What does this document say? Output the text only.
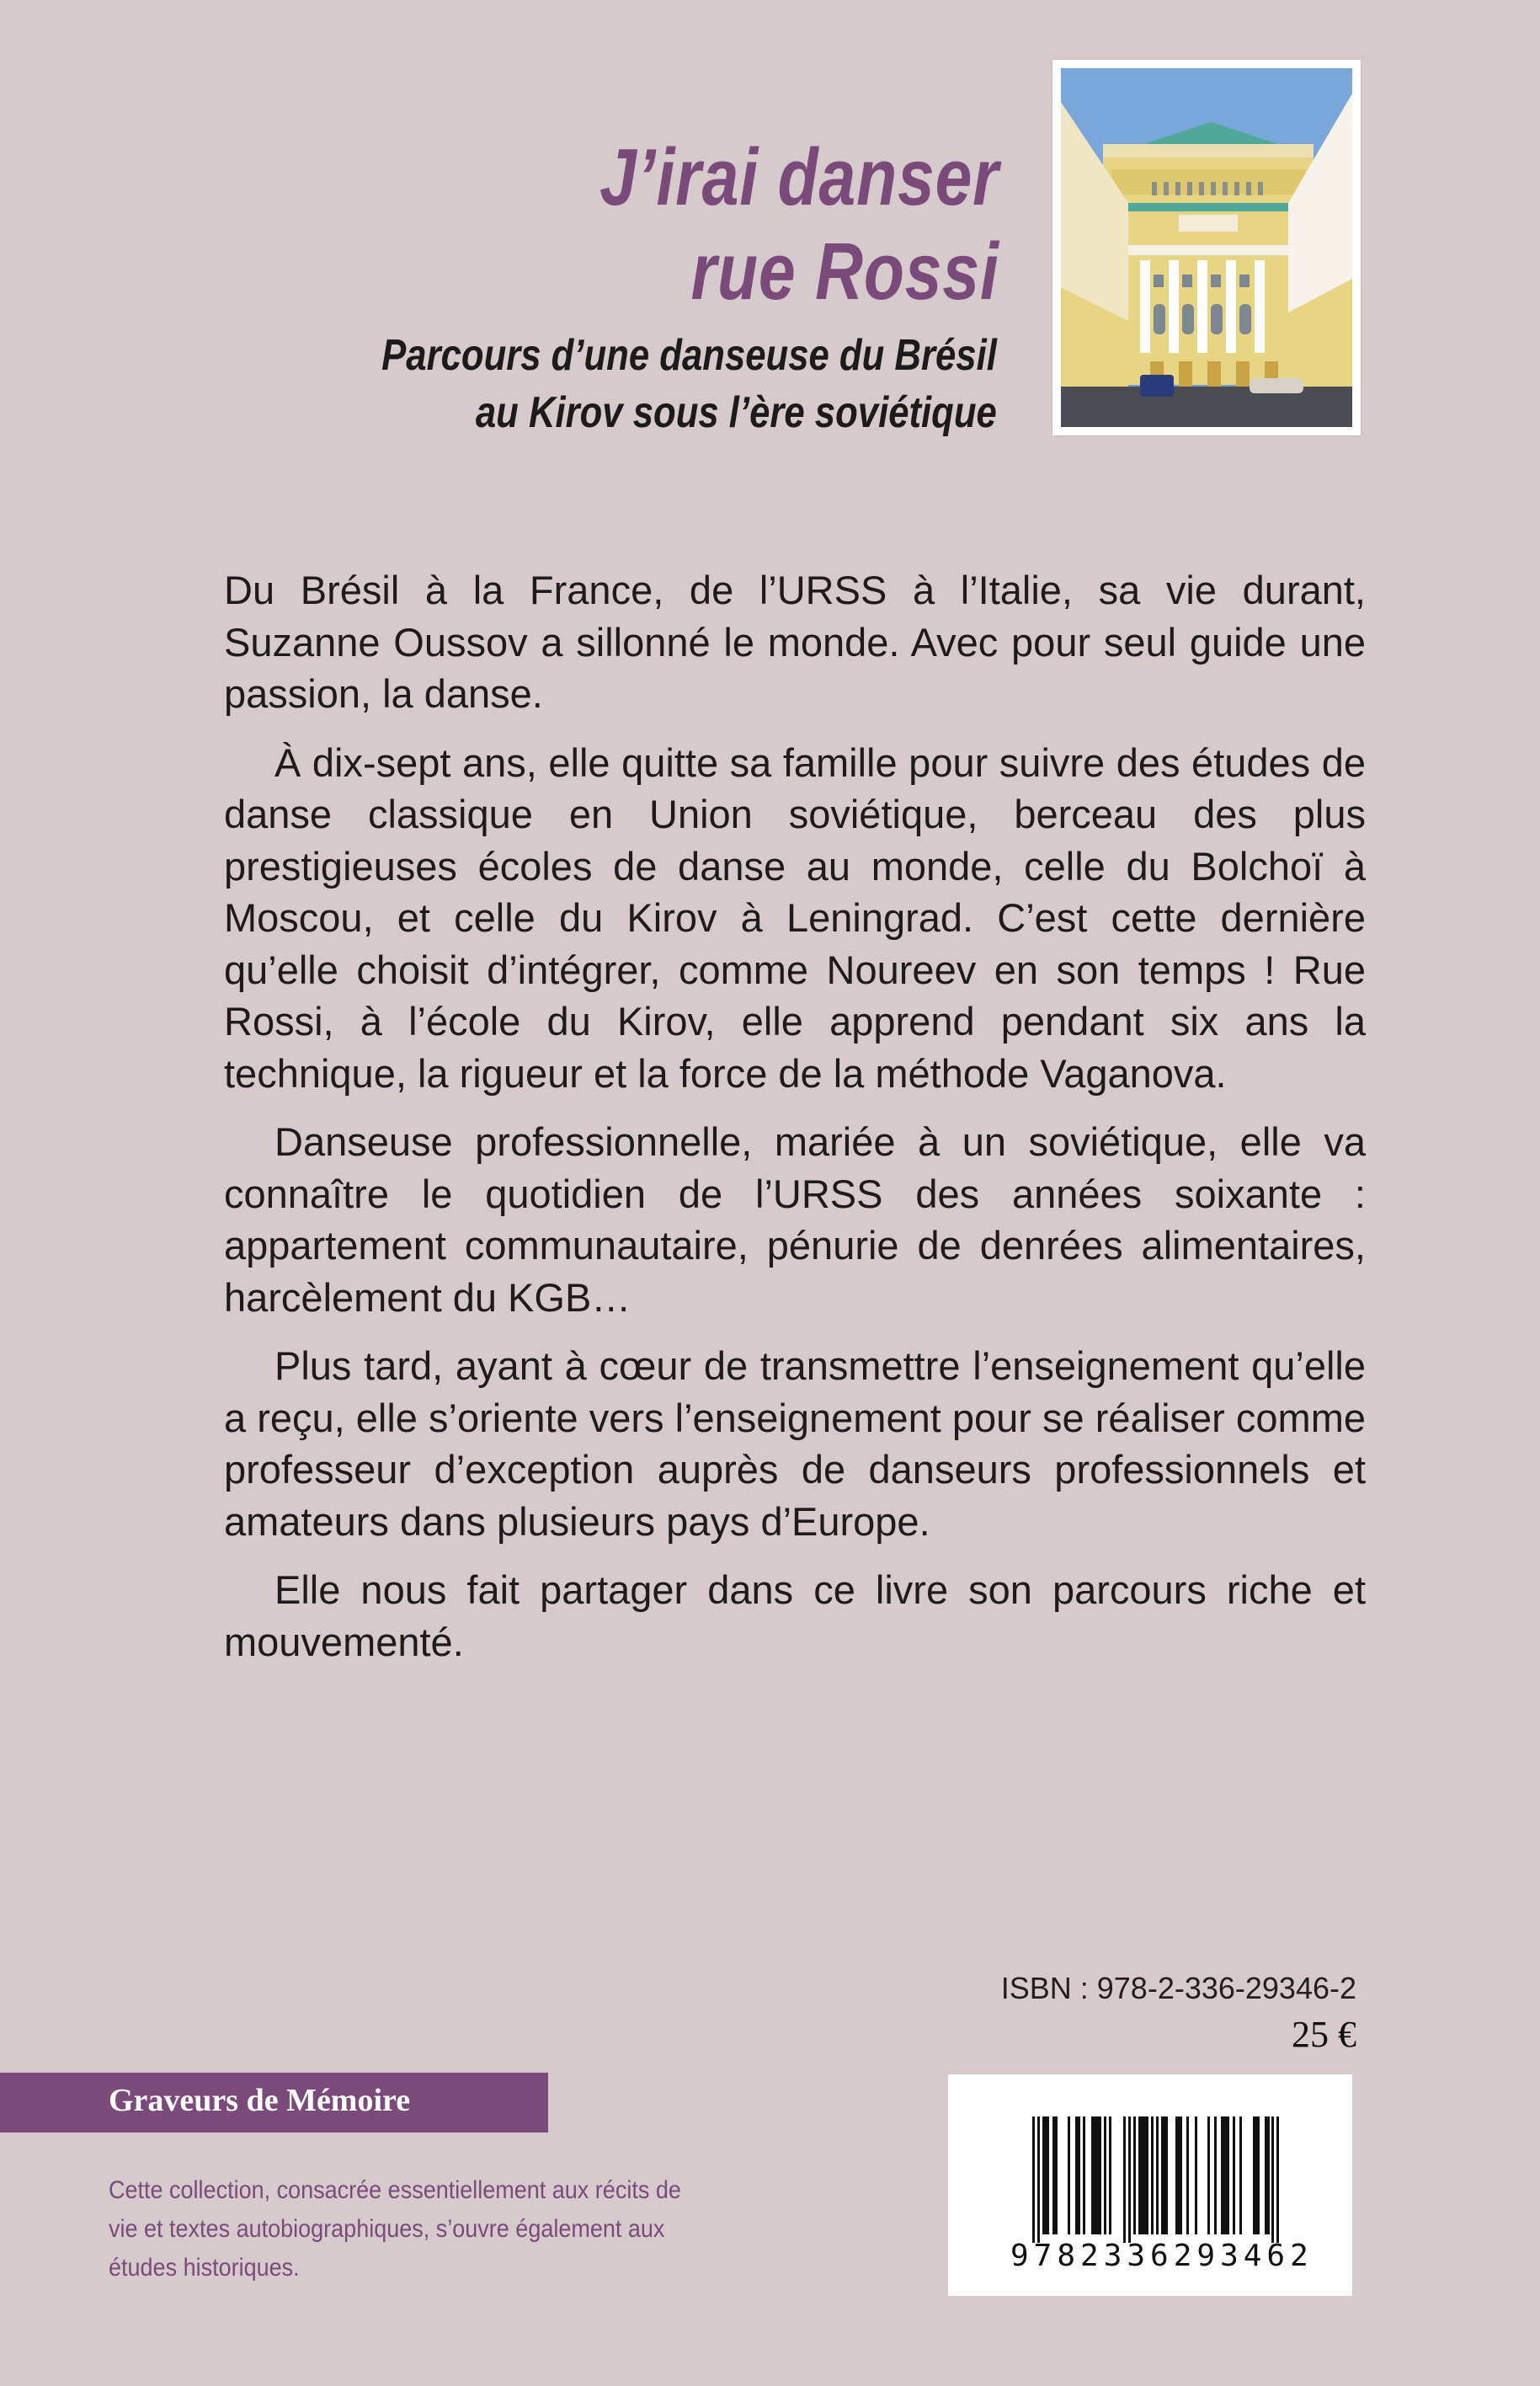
J’irai danser
rue Rossi
Parcours d’une danseuse du Brésil
au Kirov sous l’ère soviétique

Du Brésil à la France, de l’URSS à l’Italie, sa vie durant, Suzanne Oussov a sillonné le monde. Avec pour seul guide une passion, la danse.

À dix-sept ans, elle quitte sa famille pour suivre des études de danse classique en Union soviétique, berceau des plus prestigieuses écoles de danse au monde, celle du Bolchoï à Moscou, et celle du Kirov à Leningrad. C’est cette dernière qu’elle choisit d’intégrer, comme Noureev en son temps ! Rue Rossi, à l’école du Kirov, elle apprend pendant six ans la technique, la rigueur et la force de la méthode Vaganova.

Danseuse professionnelle, mariée à un soviétique, elle va connaître le quotidien de l’URSS des années soixante : appartement communautaire, pénurie de denrées alimentaires, harcèlement du KGB…

Plus tard, ayant à cœur de transmettre l’enseignement qu’elle a reçu, elle s’oriente vers l’enseignement pour se réaliser comme professeur d’exception auprès de danseurs professionnels et amateurs dans plusieurs pays d’Europe.

Elle nous fait partager dans ce livre son parcours riche et mouvementé.

ISBN : 978-2-336-29346-2
25 €
9782336293462
Graveurs de Mémoire
Cette collection, consacrée essentiellement aux récits de vie et textes autobiographiques, s’ouvre également aux études historiques.
